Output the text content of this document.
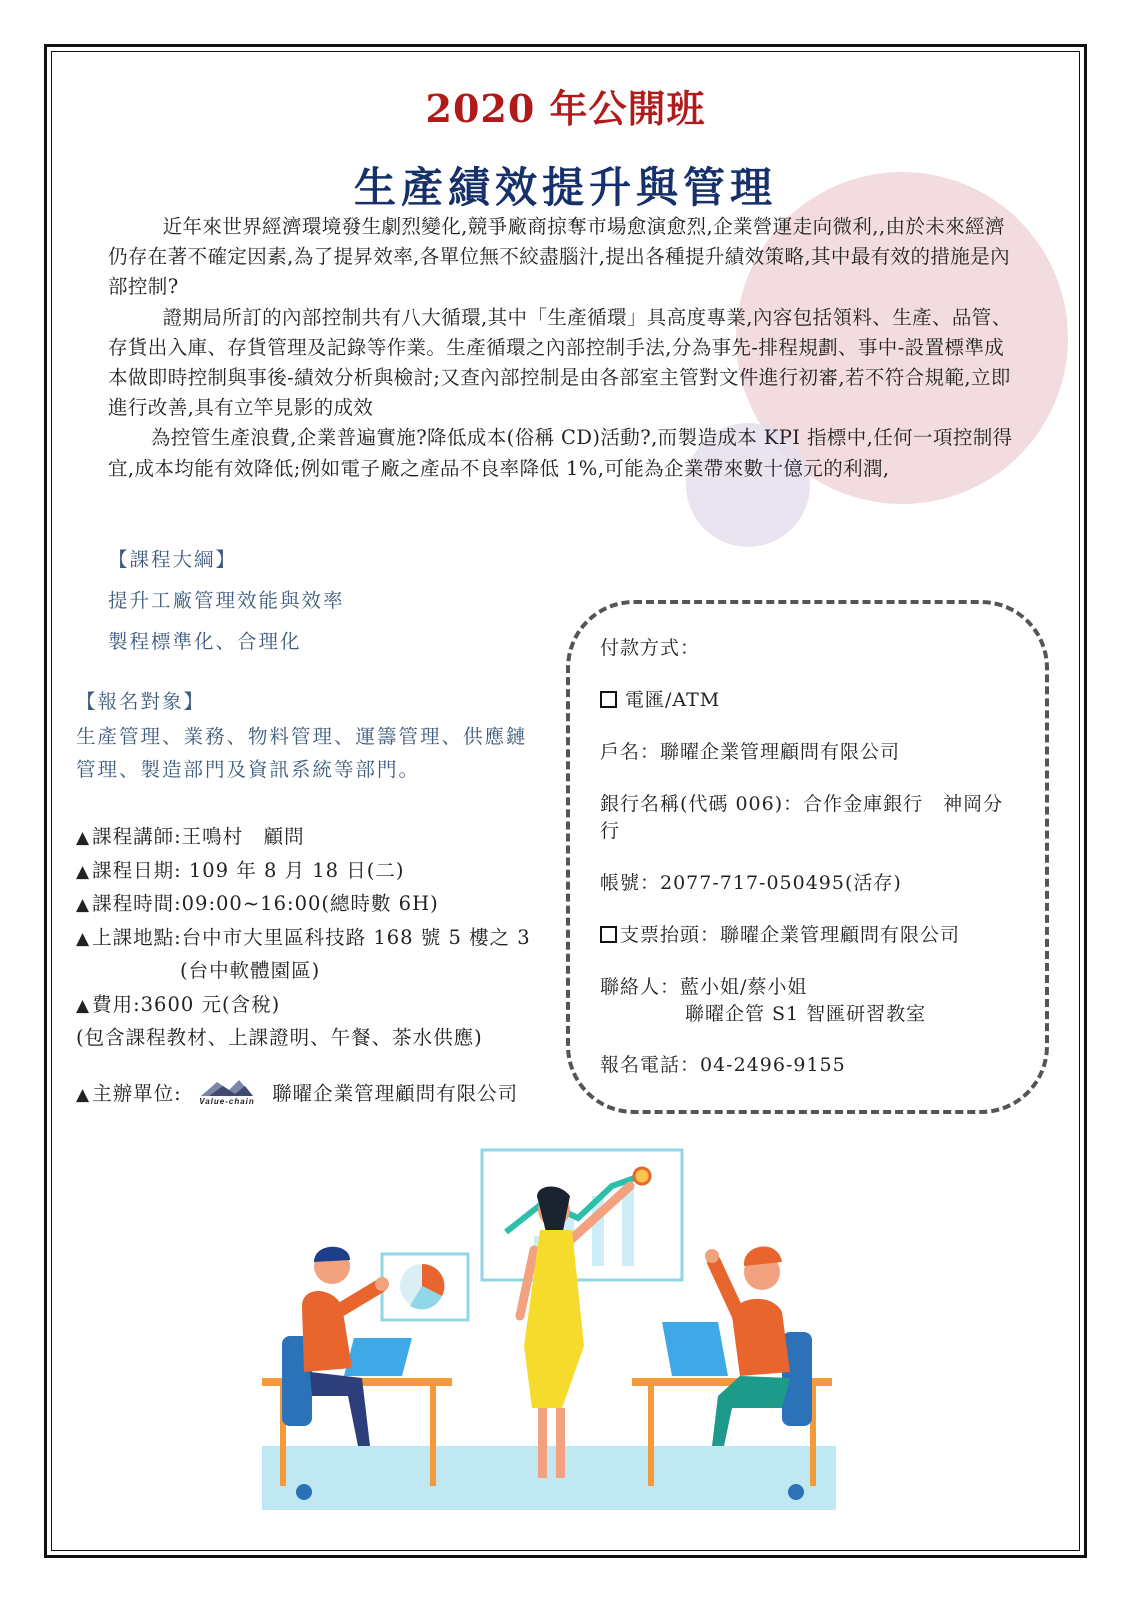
2020 年公開班
生產績效提升與管理

近年來世界經濟環境發生劇烈變化,競爭廠商掠奪市場愈演愈烈,企業營運走向微利,,由於未來經濟仍存在著不確定因素,為了提昇效率,各單位無不絞盡腦汁,提出各種提升績效策略,其中最有效的措施是內部控制?

證期局所訂的內部控制共有八大循環,其中「生產循環」具高度專業,內容包括領料、生產、品管、存貨出入庫、存貨管理及記錄等作業。生產循環之內部控制手法,分為事先-排程規劃、事中-設置標準成本做即時控制與事後-績效分析與檢討;又查內部控制是由各部室主管對文件進行初審,若不符合規範,立即進行改善,具有立竿見影的成效

為控管生產浪費,企業普遍實施?降低成本(俗稱 CD)活動?,而製造成本 KPI 指標中,任何一項控制得宜,成本均能有效降低;例如電子廠之產品不良率降低 1%,可能為企業帶來數十億元的利潤,

【課程大綱】
提升工廠管理效能與效率
製程標準化、合理化
【報名對象】
生產管理、業務、物料管理、運籌管理、供應鏈
管理、製造部門及資訊系統等部門。
▲ 課程講師:王鳴村　顧問
▲ 課程日期: 109 年 8 月 18 日(二)
▲ 課程時間:09:00~16:00(總時數 6H)
▲ 上課地點:台中市大里區科技路 168 號 5 樓之 3
(台中軟體園區)
▲ 費用:3600 元(含稅)
(包含課程教材、上課證明、午餐、茶水供應)
▲ 主辦單位: Value-chain 聯曜企業管理顧問有限公司
付款方式：
電匯/ATM
戶名：聯曜企業管理顧問有限公司
銀行名稱(代碼 006)：合作金庫銀行　神岡分
行
帳號：2077-717-050495(活存)
支票抬頭：聯曜企業管理顧問有限公司
聯絡人：藍小姐/蔡小姐
聯曜企管 S1 智匯研習教室
報名電話：04-2496-9155
